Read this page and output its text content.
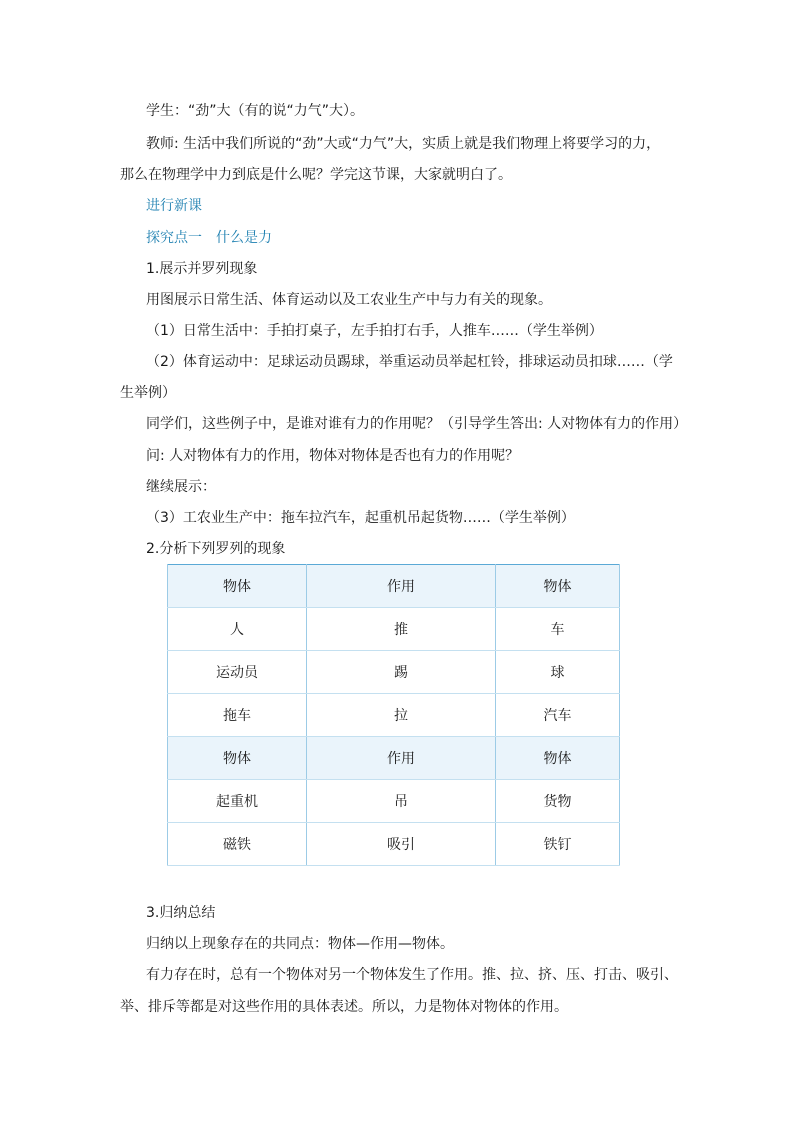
学生：“劲”大（有的说“力气”大）。
教师: 生活中我们所说的“劲”大或“力气”大，实质上就是我们物理上将要学习的力，
那么在物理学中力到底是什么呢？学完这节课，大家就明白了。
进行新课
探究点一　什么是力
1.展示并罗列现象
用图展示日常生活、体育运动以及工农业生产中与力有关的现象。
（1）日常生活中：手拍打桌子，左手拍打右手，人推车……（学生举例）
（2）体育运动中：足球运动员踢球，举重运动员举起杠铃，排球运动员扣球……（学
生举例）
同学们，这些例子中，是谁对谁有力的作用呢？（引导学生答出: 人对物体有力的作用）
问: 人对物体有力的作用，物体对物体是否也有力的作用呢？
继续展示：
（3）工农业生产中：拖车拉汽车，起重机吊起货物……（学生举例）
2.分析下列罗列的现象
物体	作用	物体
人	推	车
运动员	踢	球
拖车	拉	汽车
物体	作用	物体
起重机	吊	货物
磁铁	吸引	铁钉
3.归纳总结
归纳以上现象存在的共同点：物体—作用—物体。
有力存在时，总有一个物体对另一个物体发生了作用。推、拉、挤、压、打击、吸引、
举、排斥等都是对这些作用的具体表述。所以，力是物体对物体的作用。
